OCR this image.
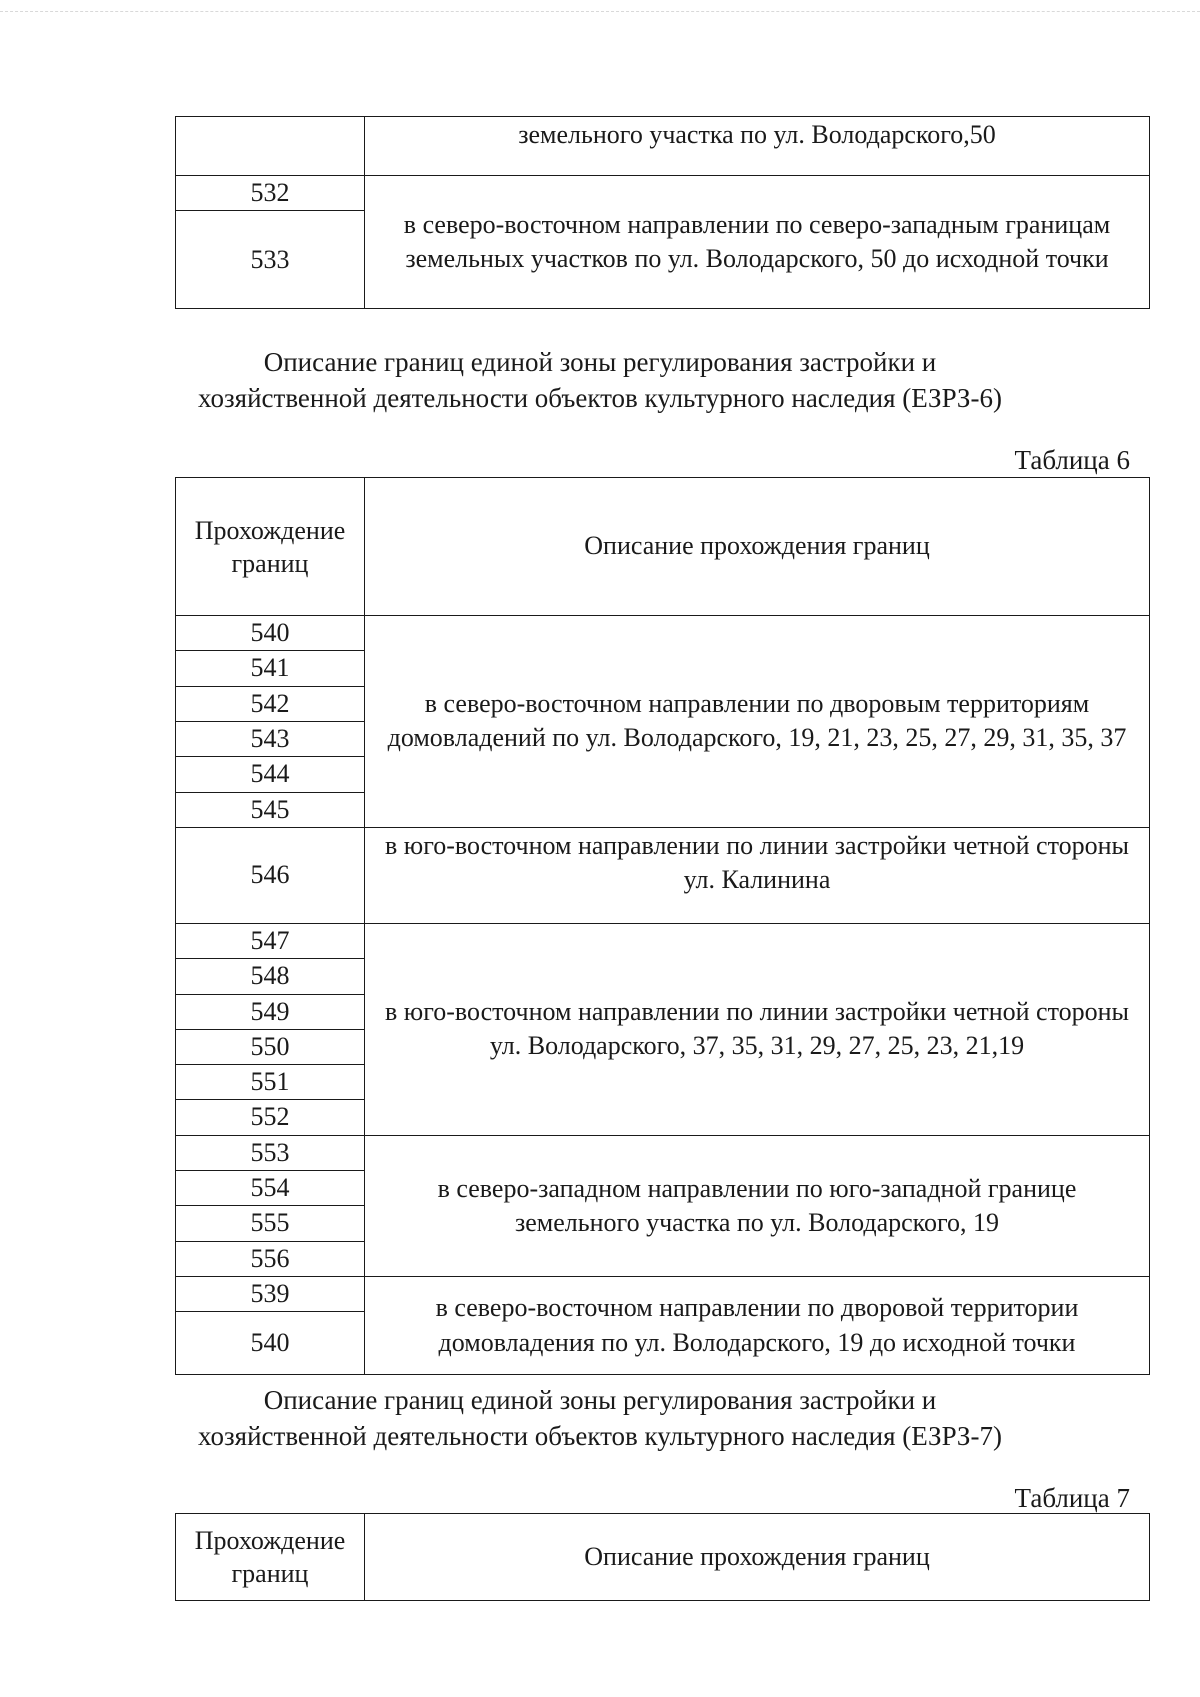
	земельного участка по ул. Володарского,50
532	в северо-восточном направлении по северо-западным границам земельных участков по ул. Володарского, 50 до исходной точки
533	
Описание границ единой зоны регулирования застройки и
хозяйственной деятельности объектов культурного наследия (ЕЗРЗ-6)
Таблица 6
Прохождение границ	Описание прохождения границ
540	в северо-восточном направлении по дворовым территориям домовладений по ул. Володарского, 19, 21, 23, 25, 27, 29, 31, 35, 37
541	
542	
543	
544	
545	
546	в юго-восточном направлении по линии застройки четной стороны ул. Калинина
547	в юго-восточном направлении по линии застройки четной стороны ул. Володарского, 37, 35, 31, 29, 27, 25, 23, 21,19
548	
549	
550	
551	
552	
553	в северо-западном направлении по юго-западной границе земельного участка по ул. Володарского, 19
554	
555	
556	
539	в северо-восточном направлении по дворовой территории домовладения по ул. Володарского, 19 до исходной точки
540	
Описание границ единой зоны регулирования застройки и
хозяйственной деятельности объектов культурного наследия (ЕЗРЗ-7)
Таблица 7
Прохождение границ	Описание прохождения границ
